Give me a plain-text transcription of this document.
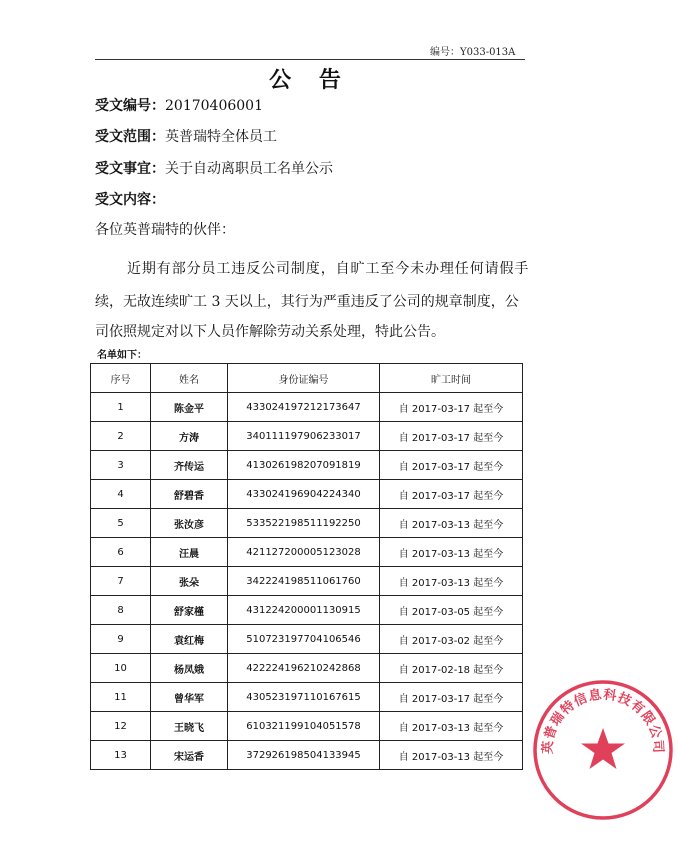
编号：Y033-013A
公 告
受文编号：20170406001
受文范围：英普瑞特全体员工
受文事宜：关于自动离职员工名单公示
受文内容：
各位英普瑞特的伙伴：
近期有部分员工违反公司制度，自旷工至今未办理任何请假手
续，无故连续旷工 3 天以上，其行为严重违反了公司的规章制度，公
司依照规定对以下人员作解除劳动关系处理，特此公告。
名单如下：
序号	姓名	身份证编号	旷工时间
1	陈金平	433024197212173647	自 2017-03-17 起至今
2	方涛	340111197906233017	自 2017-03-17 起至今
3	齐传运	413026198207091819	自 2017-03-17 起至今
4	舒碧香	433024196904224340	自 2017-03-17 起至今
5	张汝彦	533522198511192250	自 2017-03-13 起至今
6	汪晨	421127200005123028	自 2017-03-13 起至今
7	张朵	342224198511061760	自 2017-03-13 起至今
8	舒家槿	431224200001130915	自 2017-03-05 起至今
9	袁红梅	510723197704106546	自 2017-03-02 起至今
10	杨凤娥	422224196210242868	自 2017-02-18 起至今
11	曾华军	430523197110167615	自 2017-03-17 起至今
12	王晓飞	610321199104051578	自 2017-03-13 起至今
13	宋运香	372926198504133945	自 2017-03-13 起至今
英普瑞特信息科技有限公司
